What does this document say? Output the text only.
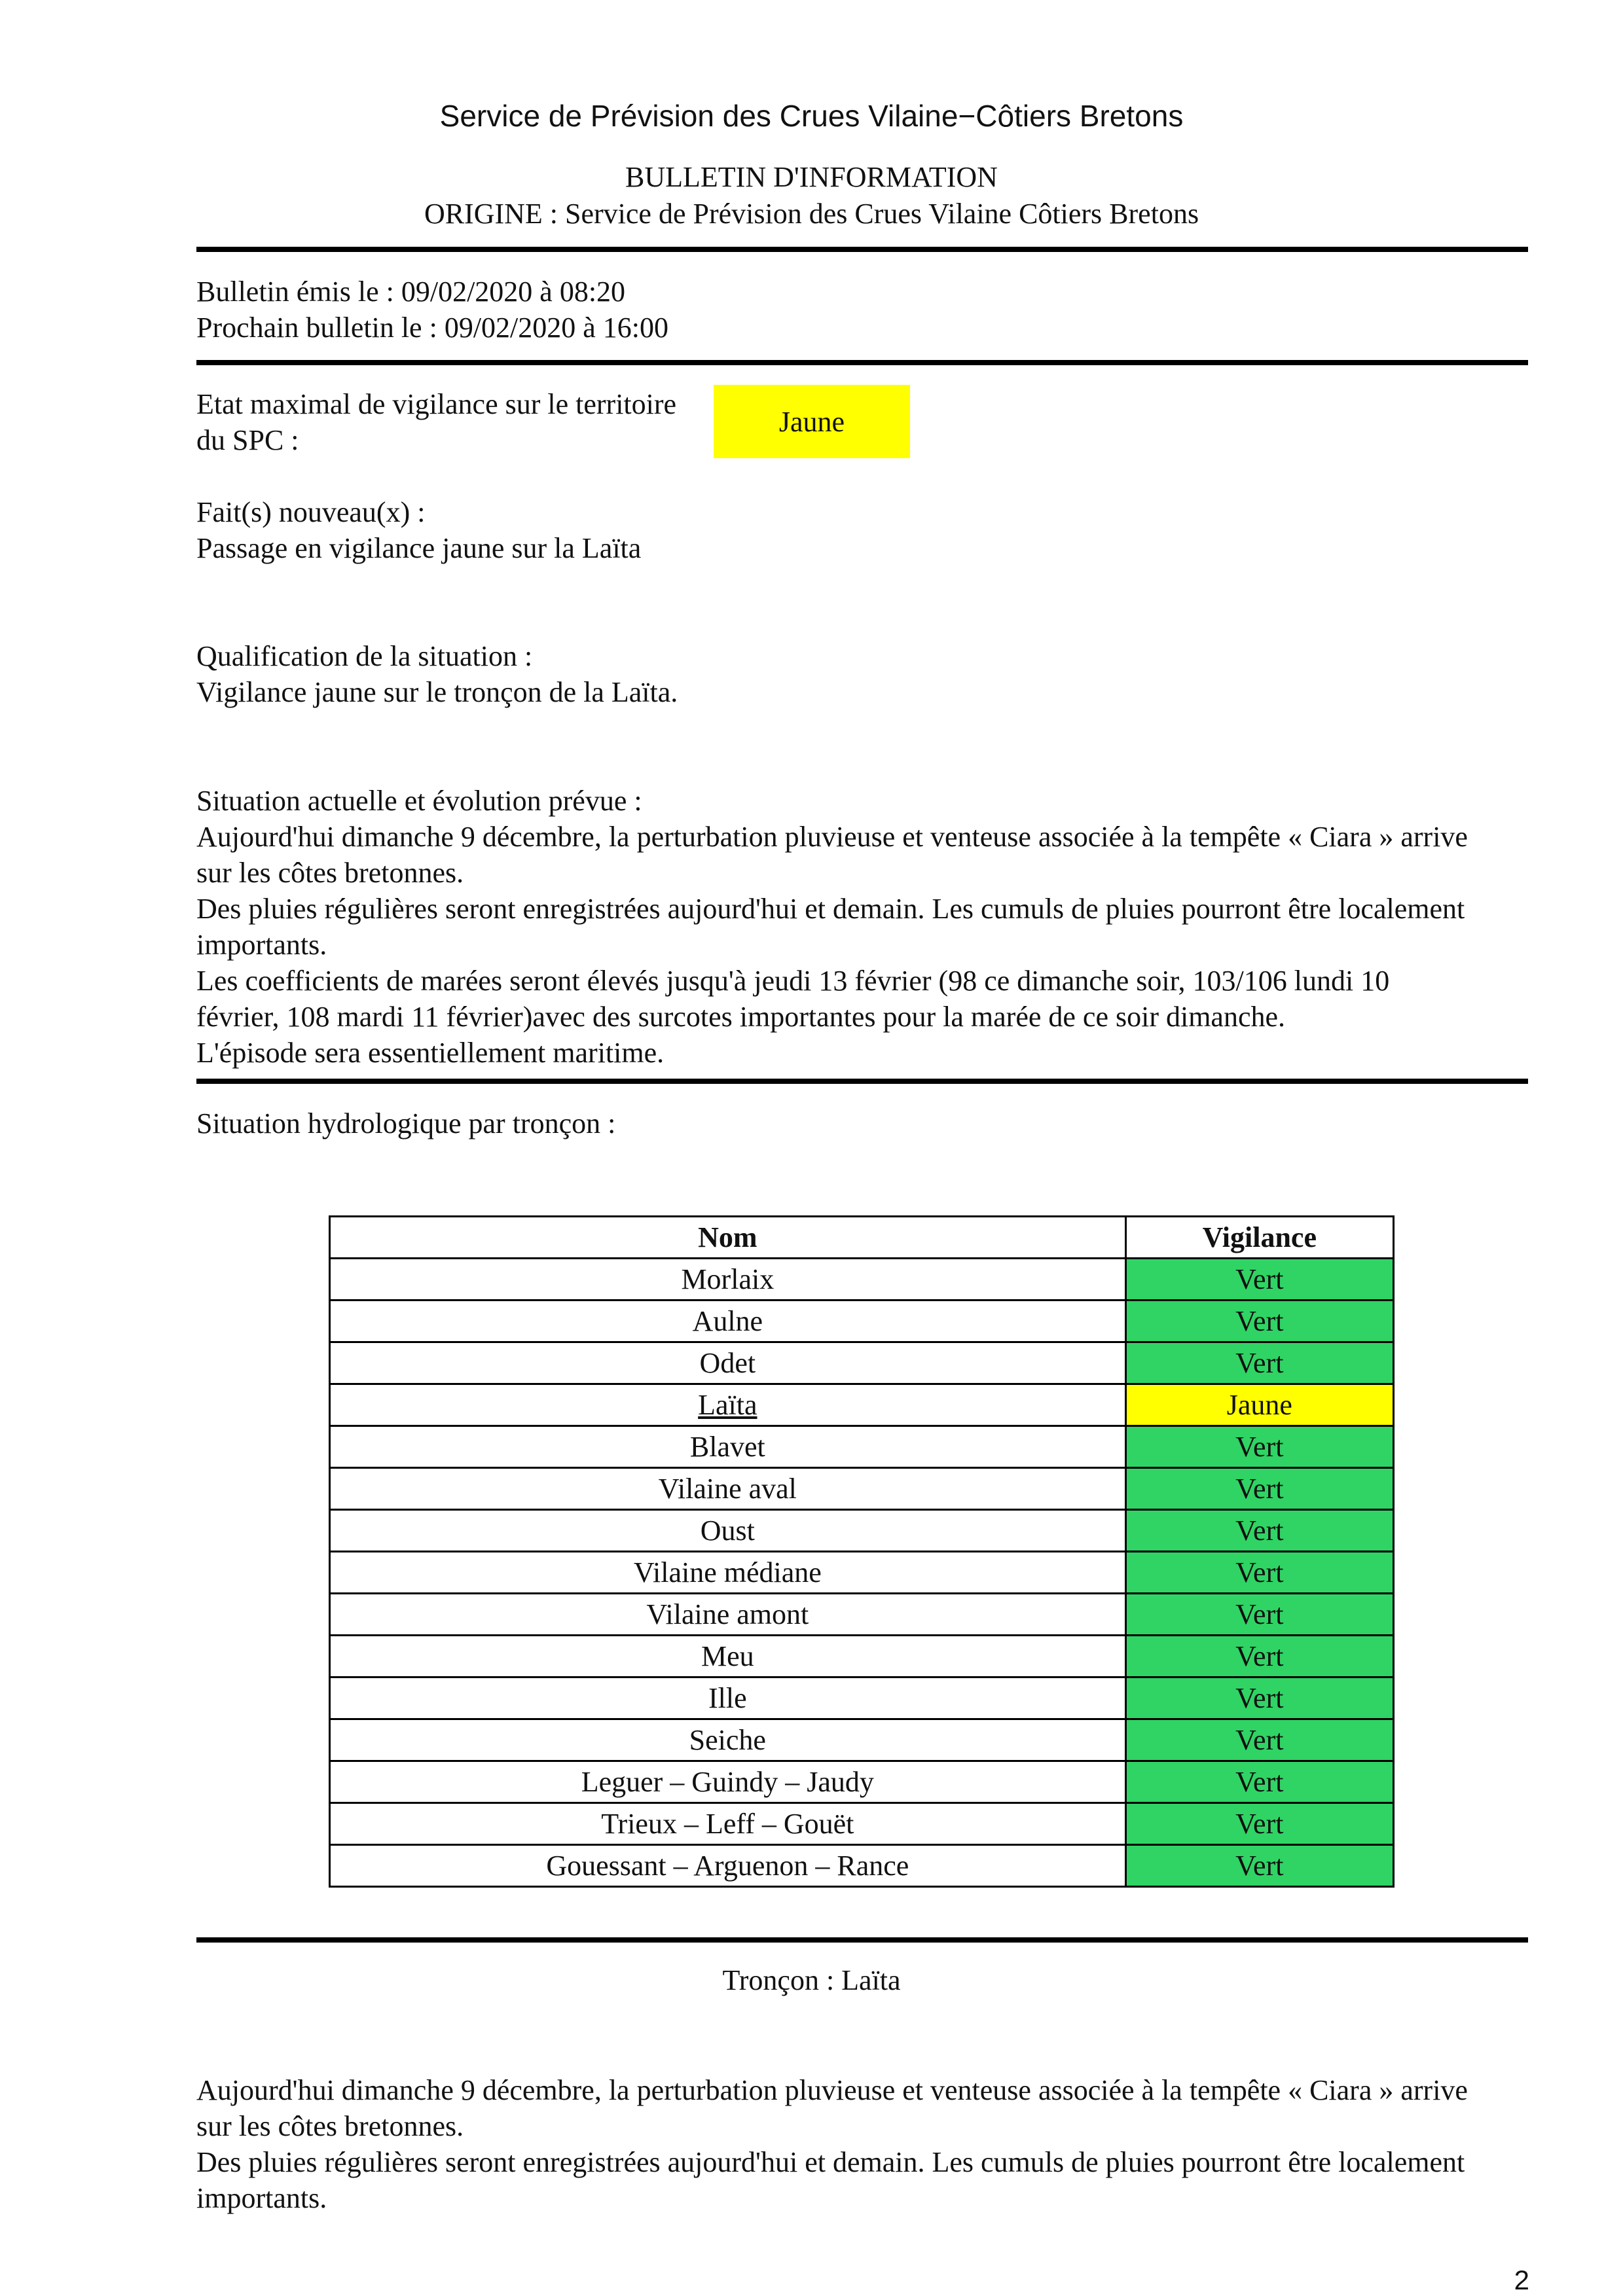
Service de Prévision des Crues Vilaine−Côtiers Bretons
BULLETIN D'INFORMATION
ORIGINE : Service de Prévision des Crues Vilaine Côtiers Bretons

Bulletin émis le : 09/02/2020 à 08:20

Prochain bulletin le : 09/02/2020 à 16:00

Etat maximal de vigilance sur le territoire

du SPC :

Jaune

Fait(s) nouveau(x) :

Passage en vigilance jaune sur la Laïta

Qualification de la situation :

Vigilance jaune sur le tronçon de la Laïta.

Situation actuelle et évolution prévue :

Aujourd'hui dimanche 9 décembre, la perturbation pluvieuse et venteuse associée à la tempête « Ciara » arrive

sur les côtes bretonnes.

Des pluies régulières seront enregistrées aujourd'hui et demain. Les cumuls de pluies pourront être localement

importants.

Les coefficients de marées seront élevés jusqu'à jeudi 13 février (98 ce dimanche soir, 103/106 lundi 10

février, 108 mardi 11 février)avec des surcotes importantes pour la marée de ce soir dimanche.

L'épisode sera essentiellement maritime.

Situation hydrologique par tronçon :
Nom	Vigilance
Morlaix	Vert
Aulne	Vert
Odet	Vert
Laïta	Jaune
Blavet	Vert
Vilaine aval	Vert
Oust	Vert
Vilaine médiane	Vert
Vilaine amont	Vert
Meu	Vert
Ille	Vert
Seiche	Vert
Leguer – Guindy – Jaudy	Vert
Trieux – Leff – Gouët	Vert
Gouessant – Arguenon – Rance	Vert
Tronçon : Laïta

Aujourd'hui dimanche 9 décembre, la perturbation pluvieuse et venteuse associée à la tempête « Ciara » arrive

sur les côtes bretonnes.

Des pluies régulières seront enregistrées aujourd'hui et demain. Les cumuls de pluies pourront être localement

importants.

2
